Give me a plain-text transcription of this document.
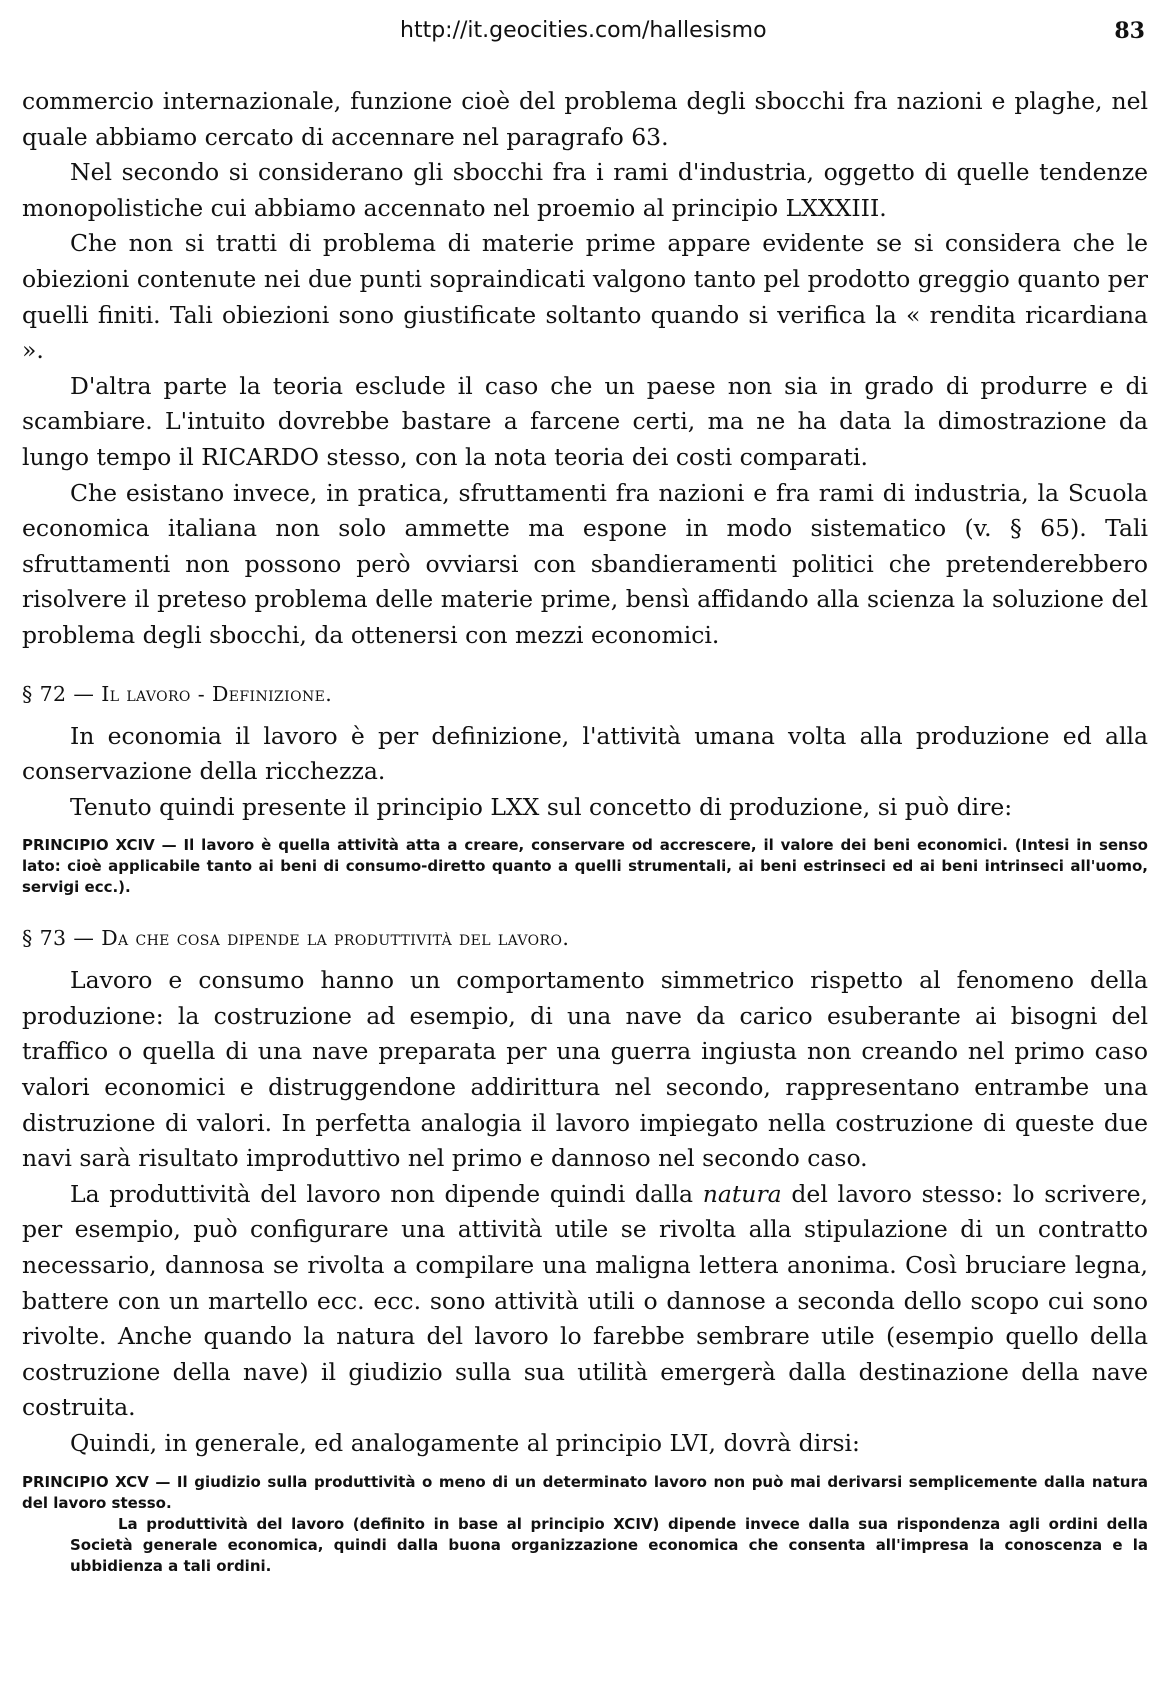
http://it.geocities.com/hallesismo	83

commercio internazionale, funzione cioè del problema degli sbocchi fra nazioni e plaghe, nel quale abbiamo cercato di accennare nel paragrafo 63.

Nel secondo si considerano gli sbocchi fra i rami d'industria, oggetto di quelle tendenze monopolistiche cui abbiamo accennato nel proemio al principio LXXXIII.

Che non si tratti di problema di materie prime appare evidente se si considera che le obiezioni contenute nei due punti sopraindicati valgono tanto pel prodotto greggio quanto per quelli finiti. Tali obiezioni sono giustificate soltanto quando si verifica la « rendita ricardiana ».

D'altra parte la teoria esclude il caso che un paese non sia in grado di produrre e di scambiare. L'intuito dovrebbe bastare a farcene certi, ma ne ha data la dimostrazione da lungo tempo il RICARDO stesso, con la nota teoria dei costi comparati.

Che esistano invece, in pratica, sfruttamenti fra nazioni e fra rami di industria, la Scuola economica italiana non solo ammette ma espone in modo sistematico (v. § 65). Tali sfruttamenti non possono però ovviarsi con sbandieramenti politici che pretenderebbero risolvere il preteso problema delle materie prime, bensì affidando alla scienza la soluzione del problema degli sbocchi, da ottenersi con mezzi economici.

§ 72 — Il lavoro - Definizione.

In economia il lavoro è per definizione, l'attività umana volta alla produzione ed alla conservazione della ricchezza.

Tenuto quindi presente il principio LXX sul concetto di produzione, si può dire:

PRINCIPIO XCIV — Il lavoro è quella attività atta a creare, conservare od accrescere, il valore dei beni economici. (Intesi in senso lato: cioè applicabile tanto ai beni di consumo-diretto quanto a quelli strumentali, ai beni estrinseci ed ai beni intrinseci all'uomo, servigi ecc.).
§ 73 — Da che cosa dipende la produttività del lavoro.

Lavoro e consumo hanno un comportamento simmetrico rispetto al fenomeno della produzione: la costruzione ad esempio, di una nave da carico esuberante ai bisogni del traffico o quella di una nave preparata per una guerra ingiusta non creando nel primo caso valori economici e distruggendone addirittura nel secondo, rappresentano entrambe una distruzione di valori. In perfetta analogia il lavoro impiegato nella costruzione di queste due navi sarà risultato improduttivo nel primo e dannoso nel secondo caso.

La produttività del lavoro non dipende quindi dalla natura del lavoro stesso: lo scrivere, per esempio, può configurare una attività utile se rivolta alla stipulazione di un contratto necessario, dannosa se rivolta a compilare una maligna lettera anonima. Così bruciare legna, battere con un martello ecc. ecc. sono attività utili o dannose a seconda dello scopo cui sono rivolte. Anche quando la natura del lavoro lo farebbe sembrare utile (esempio quello della costruzione della nave) il giudizio sulla sua utilità emergerà dalla destinazione della nave costruita.

Quindi, in generale, ed analogamente al principio LVI, dovrà dirsi:

PRINCIPIO XCV — Il giudizio sulla produttività o meno di un determinato lavoro non può mai derivarsi semplicemente dalla natura del lavoro stesso.
La produttività del lavoro (definito in base al principio XCIV) dipende invece dalla sua rispondenza agli ordini della Società generale economica, quindi dalla buona organizzazione economica che consenta all'impresa la conoscenza e la ubbidienza a tali ordini.
